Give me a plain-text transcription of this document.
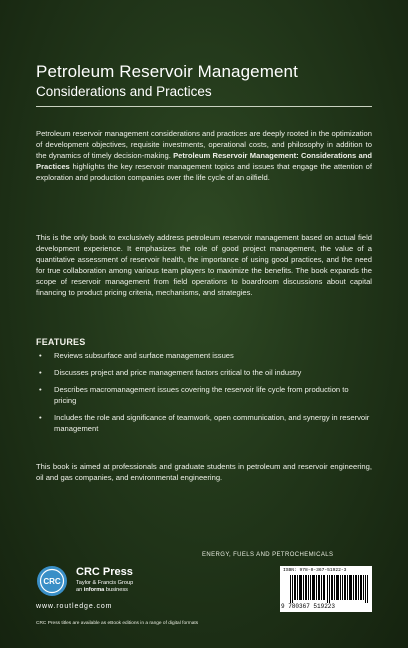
Petroleum Reservoir Management
Considerations and Practices
Petroleum reservoir management considerations and practices are deeply rooted in the optimization of development objectives, requisite investments, operational costs, and philosophy in addition to the dynamics of timely decision-making. Petroleum Reservoir Management: Considerations and Practices highlights the key reservoir management topics and issues that engage the attention of exploration and production companies over the life cycle of an oilfield.
This is the only book to exclusively address petroleum reservoir management based on actual field development experience. It emphasizes the role of good project management, the value of a quantitative assessment of reservoir health, the importance of using good practices, and the need for true collaboration among various team players to maximize the benefits. The book expands the scope of reservoir management from field operations to boardroom discussions about capital financing to product pricing criteria, mechanisms, and strategies.
FEATURES
• Reviews subsurface and surface management issues
• Discusses project and price management factors critical to the oil industry
• Describes macromanagement issues covering the reservoir life cycle from production to pricing
• Includes the role and significance of teamwork, open communication, and synergy in reservoir management
This book is aimed at professionals and graduate students in petroleum and reservoir engineering, oil and gas companies, and environmental engineering.
ENERGY, FUELS AND PETROCHEMICALS
ISBN: 978-0-367-51922-3
9 780367 519223
CRC
CRC Press
Taylor & Francis Group
an informa business
www.routledge.com
CRC Press titles are available as eBook editions in a range of digital formats
